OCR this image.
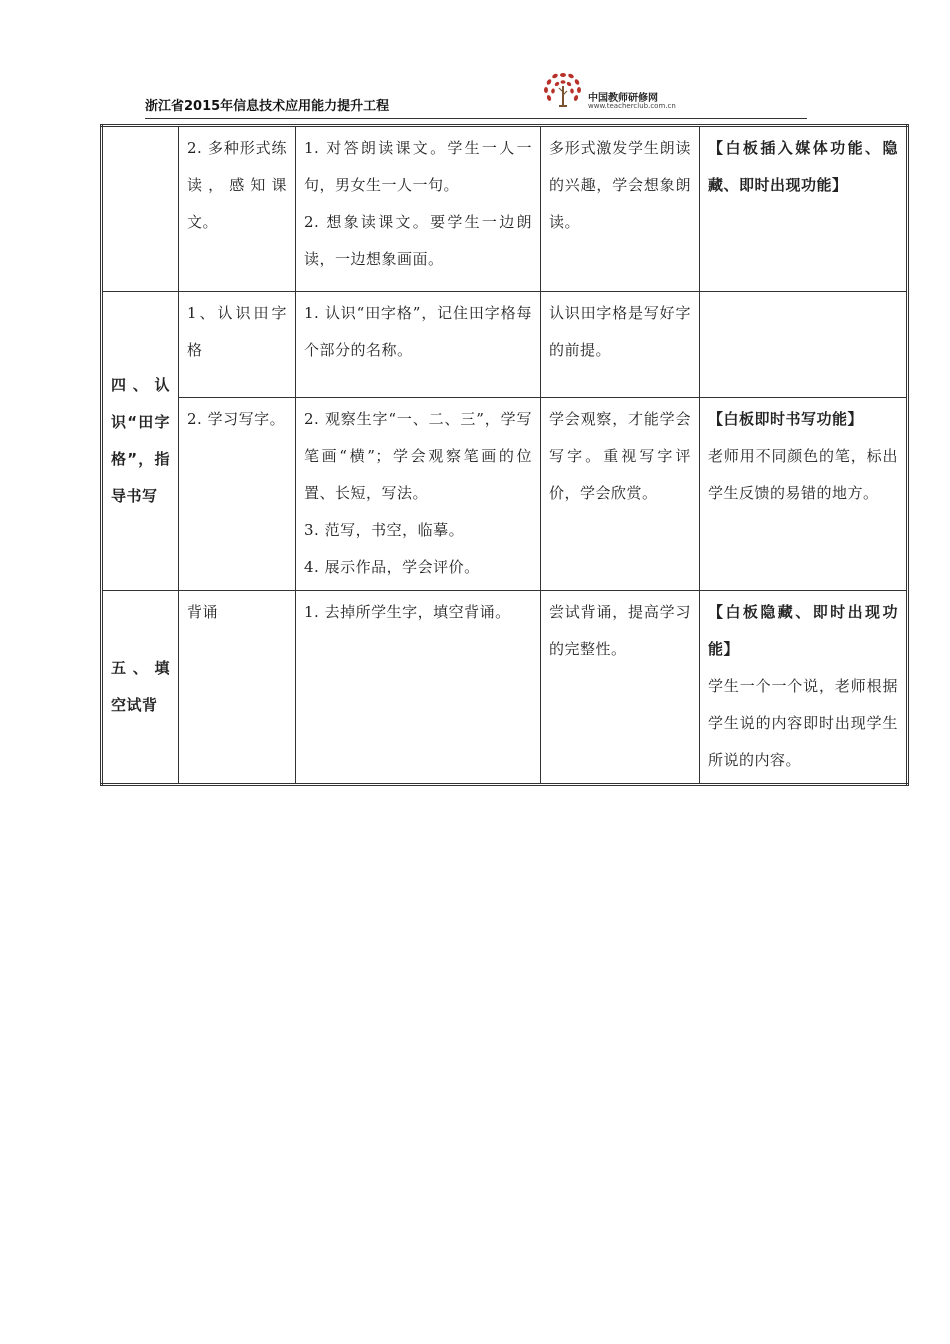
浙江省2015年信息技术应用能力提升工程
中国教师研修网
www.teacherclub.com.cn

	2. 多种形式练读，感知课文。	1. 对答朗读课文。学生一人一句，男女生一人一句。
2. 想象读课文。要学生一边朗读，一边想象画面。	多形式激发学生朗读的兴趣，学会想象朗读。	【白板插入媒体功能、隐藏、即时出现功能】

四、认识“田字格”，指导书写	1、认识田字格	1. 认识“田字格”，记住田字格每个部分的名称。	认识田字格是写好字的前提。	

	2. 学习写字。	2. 观察生字“一、二、三”，学写笔画“横”；学会观察笔画的位置、长短，写法。
3. 范写，书空，临摹。
4. 展示作品，学会评价。	学会观察，才能学会写字。重视写字评价，学会欣赏。	【白板即时书写功能】
老师用不同颜色的笔，标出学生反馈的易错的地方。

五、填空试背	背诵	1. 去掉所学生字，填空背诵。	尝试背诵，提高学习的完整性。	【白板隐藏、即时出现功能】
学生一个一个说，老师根据学生说的内容即时出现学生所说的内容。
